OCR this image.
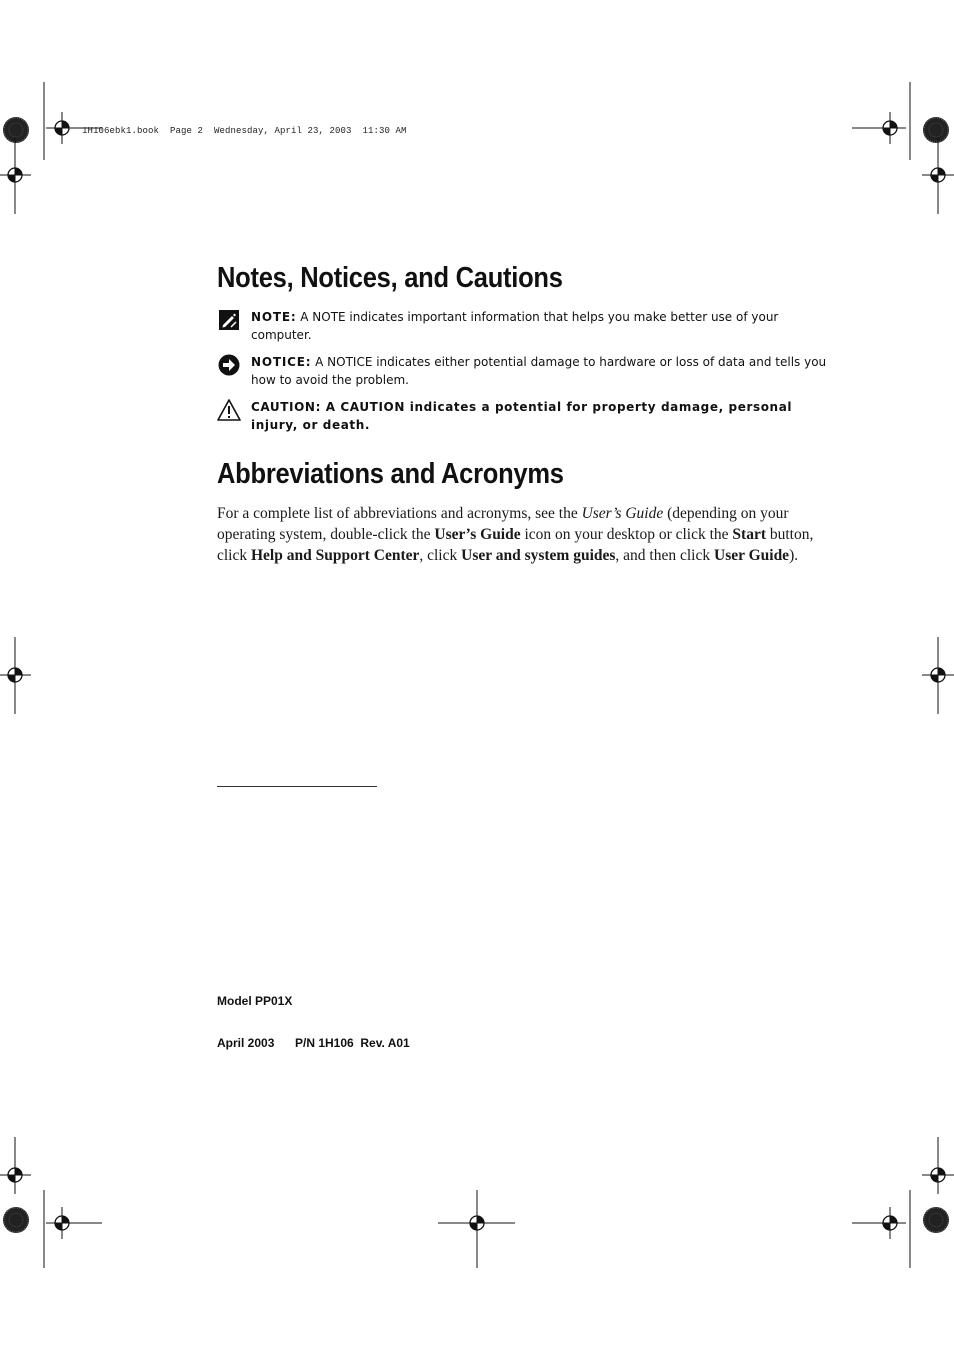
1H106ebk1.book  Page 2  Wednesday, April 23, 2003  11:30 AM
Notes, Notices, and Cautions
NOTE: A NOTE indicates important information that helps you make better use of your computer.
NOTICE: A NOTICE indicates either potential damage to hardware or loss of data and tells you how to avoid the problem.
CAUTION: A CAUTION indicates a potential for property damage, personal injury, or death.
Abbreviations and Acronyms
For a complete list of abbreviations and acronyms, see the User’s Guide (depending on your operating system, double-click the User’s Guide icon on your desktop or click the Start button, click Help and Support Center, click User and system guides, and then click User Guide).
Model PP01X
April 2003 P/N 1H106  Rev. A01
